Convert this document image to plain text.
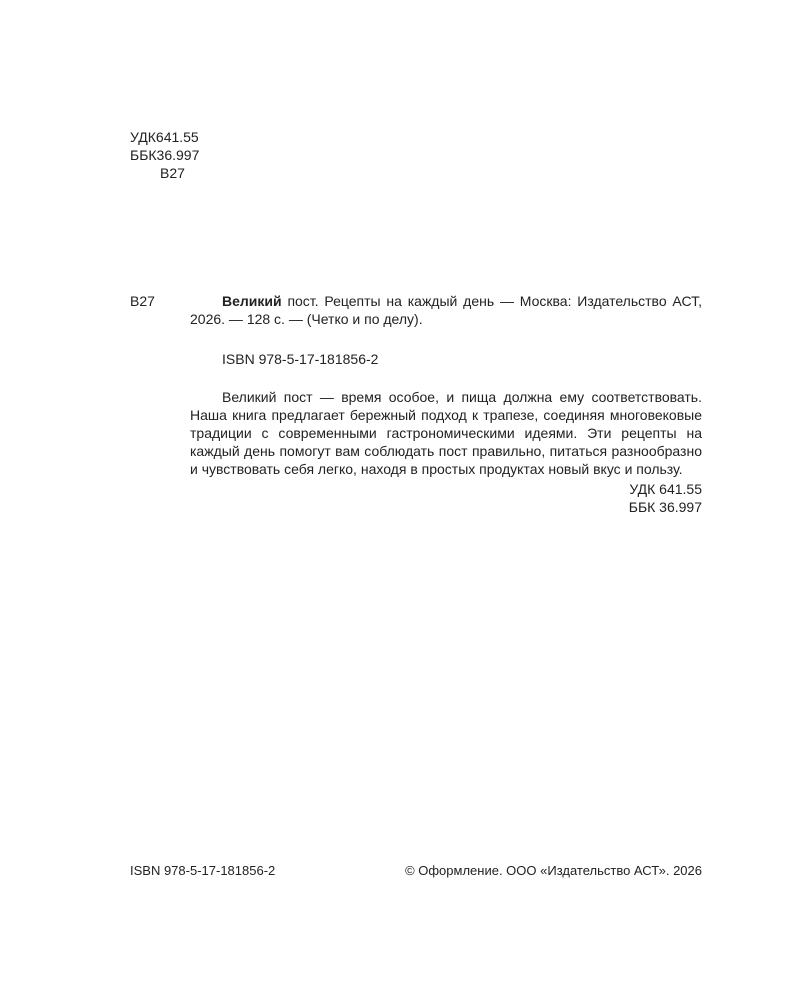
УДК641.55
ББК36.997
В27
В27	Великий пост. Рецепты на каждый день — Москва: Издательство АСТ, 2026. — 128 с. — (Четко и по делу).

ISBN 978-5-17-181856-2

Великий пост — время особое, и пища должна ему соответствовать. Наша книга предлагает бережный подход к трапезе, соединяя многовековые традиции с современными гастрономическими идеями. Эти рецепты на каждый день помогут вам соблюдать пост правильно, питаться разнообразно и чувствовать себя легко, находя в простых продуктах новый вкус и пользу.

УДК 641.55
ББК 36.997
ISBN 978-5-17-181856-2	© Оформление. ООО «Издательство АСТ». 2026
